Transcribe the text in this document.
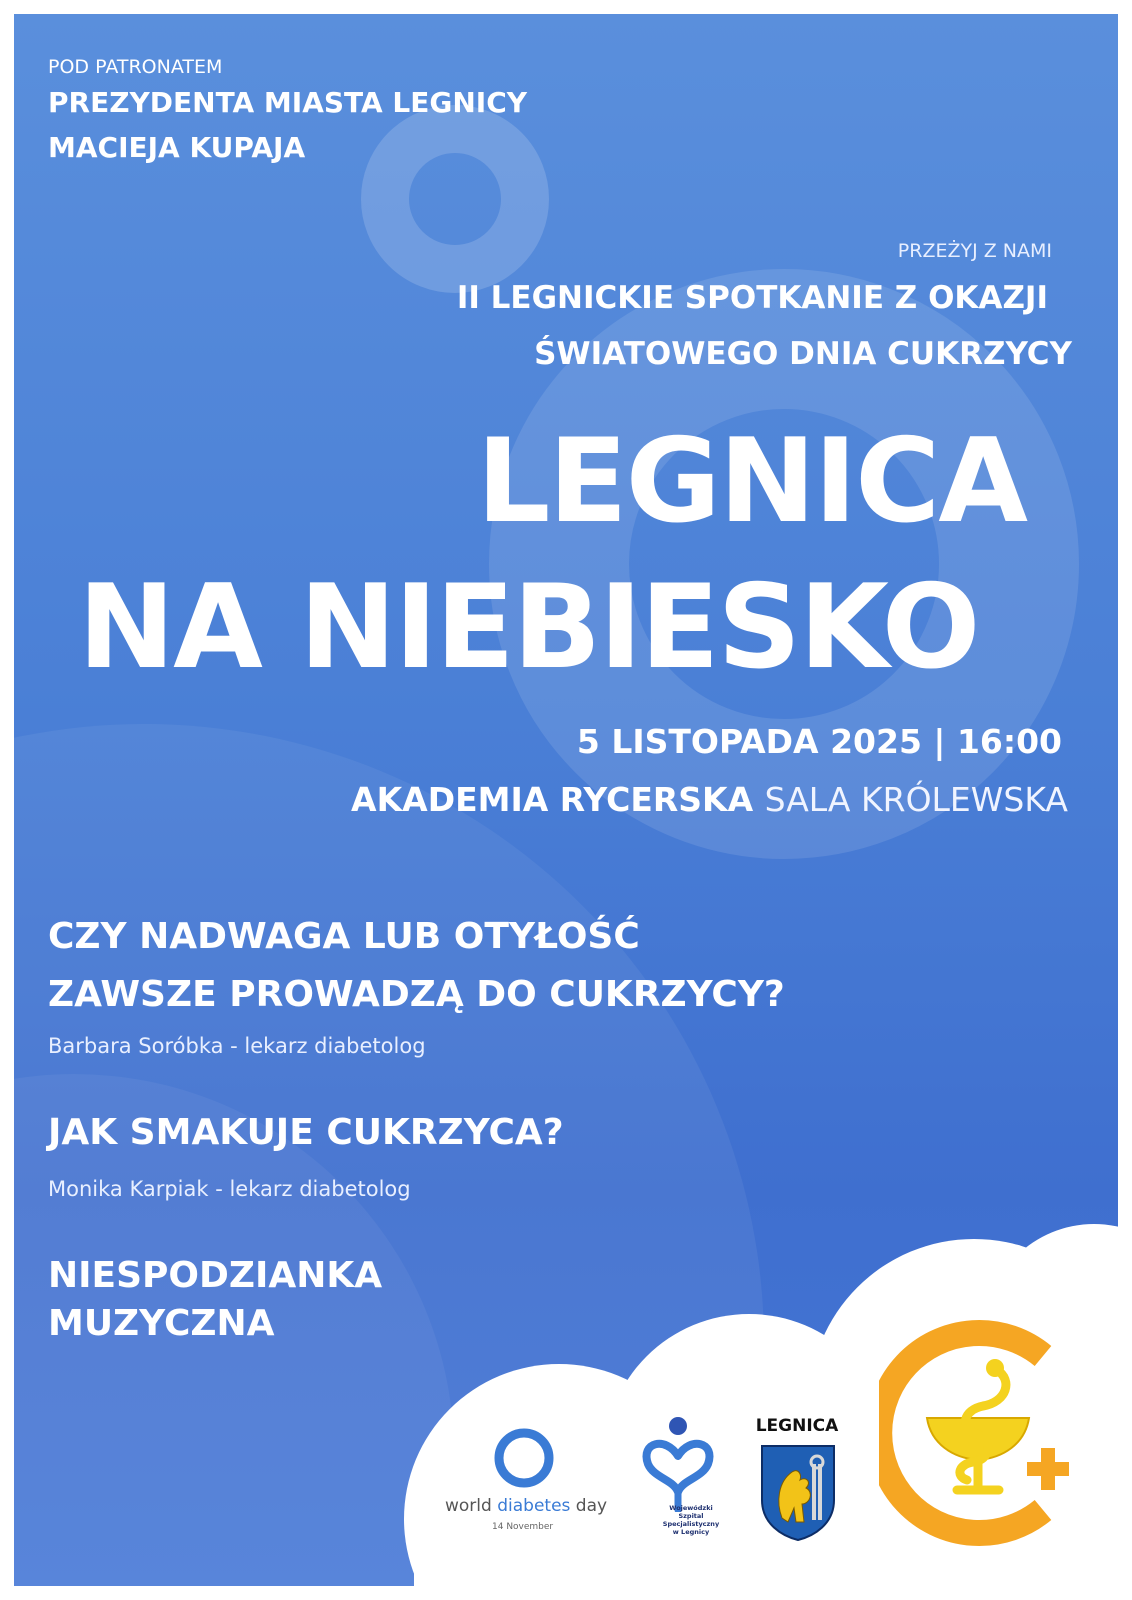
POD PATRONATEM

PREZYDENTA MIASTA LEGNICY

MACIEJA KUPAJA

PRZEŻYJ Z NAMI

II LEGNICKIE SPOTKANIE Z OKAZJI

ŚWIATOWEGO DNIA CUKRZYCY

LEGNICA

NA NIEBIESKO

5 LISTOPADA 2025 | 16:00

AKADEMIA RYCERSKA SALA KRÓLEWSKA

CZY NADWAGA LUB OTYŁOŚĆ

ZAWSZE PROWADZĄ DO CUKRZYCY?

Barbara Soróbka - lekarz diabetolog

JAK SMAKUJE CUKRZYCA?

Monika Karpiak - lekarz diabetolog

NIESPODZIANKA

MUZYCZNA

world diabetes day
14 November
Wojewódzki
Szpital
Specjalistyczny
w Legnicy
LEGNICA
